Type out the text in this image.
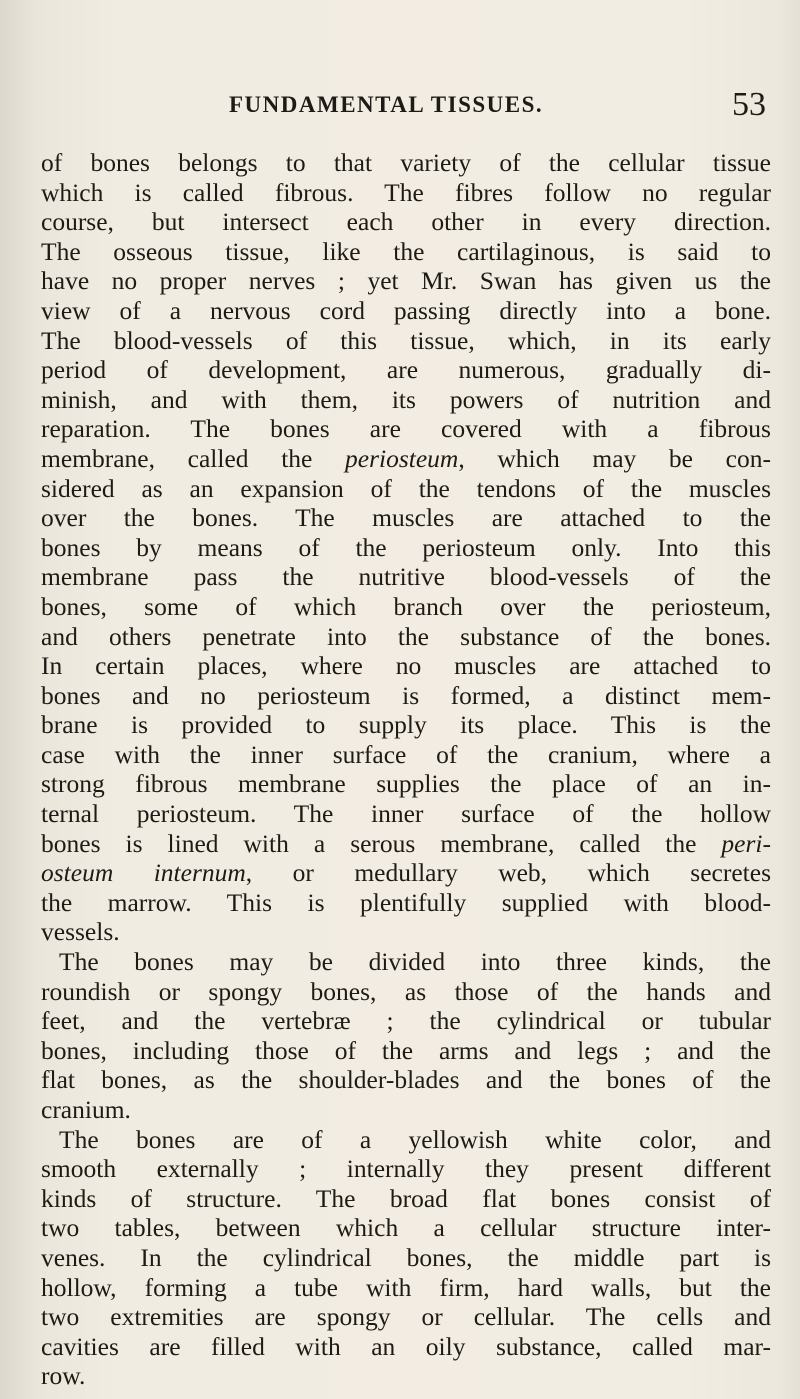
FUNDAMENTAL TISSUES.	53
of bones belongs to that variety of the cellular tissue
which is called fibrous. The fibres follow no regular
course, but intersect each other in every direction.
The osseous tissue, like the cartilaginous, is said to
have no proper nerves ; yet Mr. Swan has given us the
view of a nervous cord passing directly into a bone.
The blood-vessels of this tissue, which, in its early
period of development, are numerous, gradually di-
minish, and with them, its powers of nutrition and
reparation. The bones are covered with a fibrous
membrane, called the periosteum, which may be con-
sidered as an expansion of the tendons of the muscles
over the bones. The muscles are attached to the
bones by means of the periosteum only. Into this
membrane pass the nutritive blood-vessels of the
bones, some of which branch over the periosteum,
and others penetrate into the substance of the bones.
In certain places, where no muscles are attached to
bones and no periosteum is formed, a distinct mem-
brane is provided to supply its place. This is the
case with the inner surface of the cranium, where a
strong fibrous membrane supplies the place of an in-
ternal periosteum. The inner surface of the hollow
bones is lined with a serous membrane, called the peri-
osteum internum, or medullary web, which secretes
the marrow. This is plentifully supplied with blood-
vessels.
The bones may be divided into three kinds, the
roundish or spongy bones, as those of the hands and
feet, and the vertebræ ; the cylindrical or tubular
bones, including those of the arms and legs ; and the
flat bones, as the shoulder-blades and the bones of the
cranium.
The bones are of a yellowish white color, and
smooth externally ; internally they present different
kinds of structure. The broad flat bones consist of
two tables, between which a cellular structure inter-
venes. In the cylindrical bones, the middle part is
hollow, forming a tube with firm, hard walls, but the
two extremities are spongy or cellular. The cells and
cavities are filled with an oily substance, called mar-
row.
